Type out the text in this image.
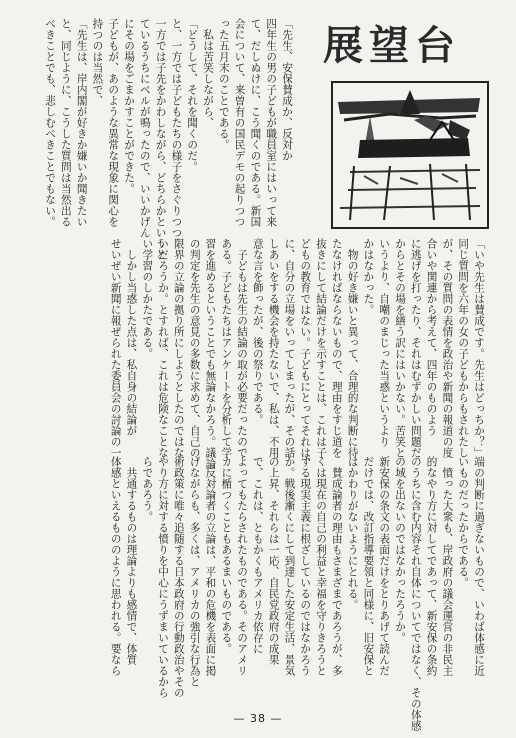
「先生、安保賛成か、反対か
四年生の男の子どもが職員室にはいって来
て、だしぬけに、こう聞くのである。新国
会について、来曽有の国民デモの起りつつ
った五月末のことである。
　私は苦笑しながら、
「どうして、それを聞くのだ。
と、一方では子どもたちの様子をさぐりつつ
一方では子先をかわしながら、どちらかというと
ているうちにベルが鳴ったので、いいかげん
にその場をごまかすことができた。
子どもが、あのような異常な現象に関心を
持つのは当然で、
「先生は、岸内閣が好きか嫌いか聞きたい
と、同じように、こうした質問は当然出る
べきことでも、悲しむべきことでもない。	展望台
「いや先生は賛成です。先生はどっちか？」
同じ質問を六年の女の子どもからもされたし
が、その質問の表情を政治や新聞の報道の度
合いや関連から考えて、四年のものよう
に逃げを打ったり、それはむずかしい問題だ
からとその場を繕う訳にはいかない。苦笑と
いうより、自嘲のまじった当惑というより
かはなかった。
　物の好き嫌いと異って、合理的な判断に待
たなければならないもので、理由をすじ道を
抜きにして結論だけを示すことは、これは子
どもの教育ではない。子どもにとってそれは、
に、自分の立場をいってしまったが、その話
しあいをする機会を持たないで、私は、不用
意な言を飾ったが、後の祭りである。
　子どもは先生の結論の取が必要だったので
ある。子どもたちはアンケートを分析して学
習を進めるということでも無論なかろう。議論
の判定を先生の意見の多数に求めて、自己の
限界の立論の拠り所にしようとしたのではな
いだろうか。とすれば、これは危険なことな
い学習のしかたである。
　しかし当惑した点は、私自身の結論が
せいぜい新聞に報ぜられた委員会の討論の一
端の判断に過ぎないもので、いわば体感に近
いものだったからである。
　憤った大衆も、岸政府の議会運営の非民主
的なやり方に対してであって、新安保の条約
のうちに含む内容それ自体についてではなく、その体感
の域を出ないのではなかったろうか。
新安保の条文の表面だけをとりあげて読んだ
だけでは、改訂指導要領と同様に、旧安保と
はかわりがないようにとれる。
　賛成論者の理由もさまざまであろうが、多
くは現在の自己の利益と幸福を守りきろうと
する現実主義に根ざしているのではなかろう
か。戦後漸くにして到達した安定生活、景気
の上昇、それらは一応、自民党政府の成果
で、これは、ともかくもアメリカ依存に
よってもたらされたものである。そのアメリ
カに楯つくこともあるまいものである。
　反対論者の立論は、平和の危機を表面に掲
げながらも、多くは、アメリカの強引な行為と
術政策に唯々追随する日本政府の行動政治やその
やり方に対する憤りを中心にうずまいているから
らであろう。
　共通するものは理論よりも感情で、体質
体感といえるもののように思われる。要なら
— 38 —
